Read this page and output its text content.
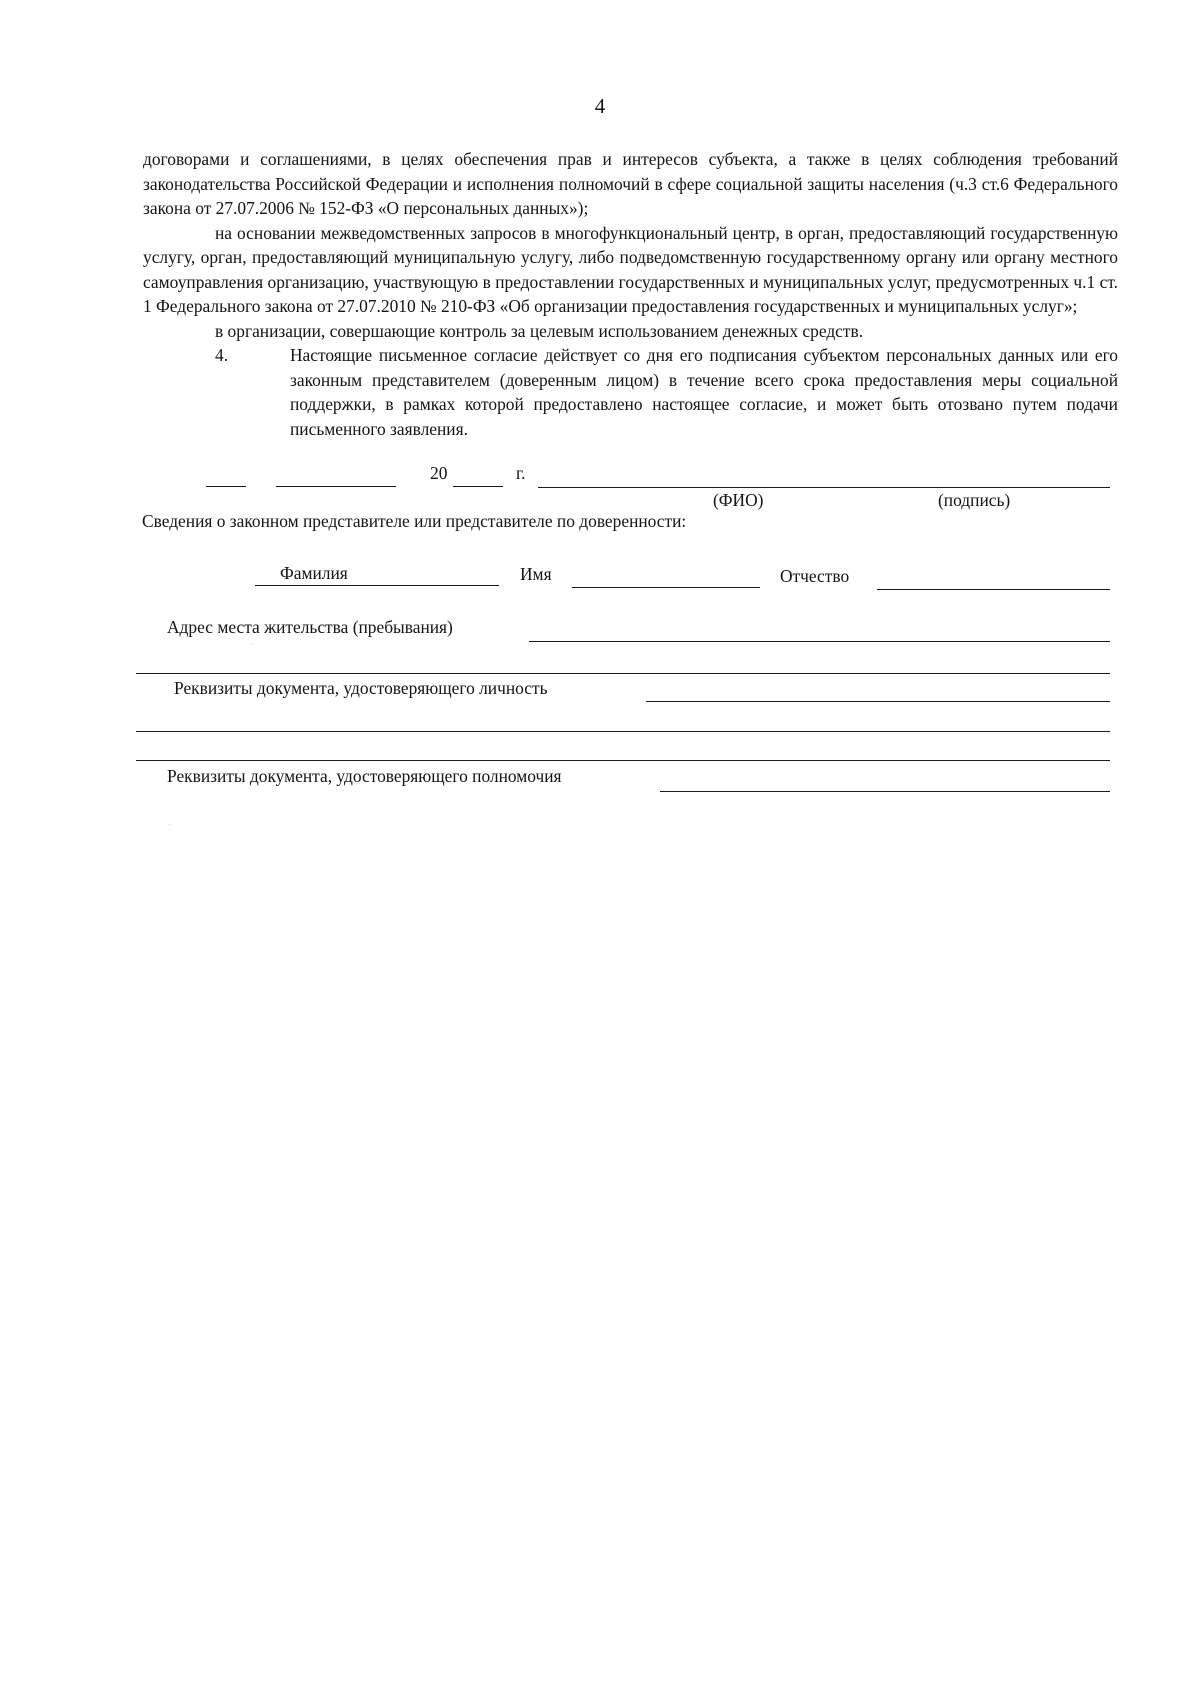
4

договорами и соглашениями, в целях обеспечения прав и интересов субъекта, а также в целях соблюдения требований законодательства Российской Федерации и исполнения полномочий в сфере социальной защиты населения (ч.3 ст.6 Федерального закона от 27.07.2006 № 152-ФЗ «О персональных данных»);

на основании межведомственных запросов в многофункциональный центр, в орган, предоставляющий государственную услугу, орган, предоставляющий муниципальную услугу, либо подведомственную государственному органу или органу местного самоуправления организацию, участвующую в предоставлении государственных и муниципальных услуг, предусмотренных ч.1 ст. 1 Федерального закона от 27.07.2010 № 210-ФЗ «Об организации предоставления государственных и муниципальных услуг»;

в организации, совершающие контроль за целевым использованием денежных средств.

4.	Настоящие письменное согласие действует со дня его подписания субъектом персональных данных или его законным представителем (доверенным лицом) в течение всего срока предоставления меры социальной поддержки, в рамках которой предоставлено настоящее согласие, и может быть отозвано путем подачи письменного заявления.
20	г.
(ФИО)	(подпись)
Сведения о законном представителе или представителе по доверенности:
Фамилия	Имя	Отчество
Адрес места жительства (пребывания)
·
Реквизиты документа, удостоверяющего личность
Реквизиты документа, удостоверяющего полномочия
·
